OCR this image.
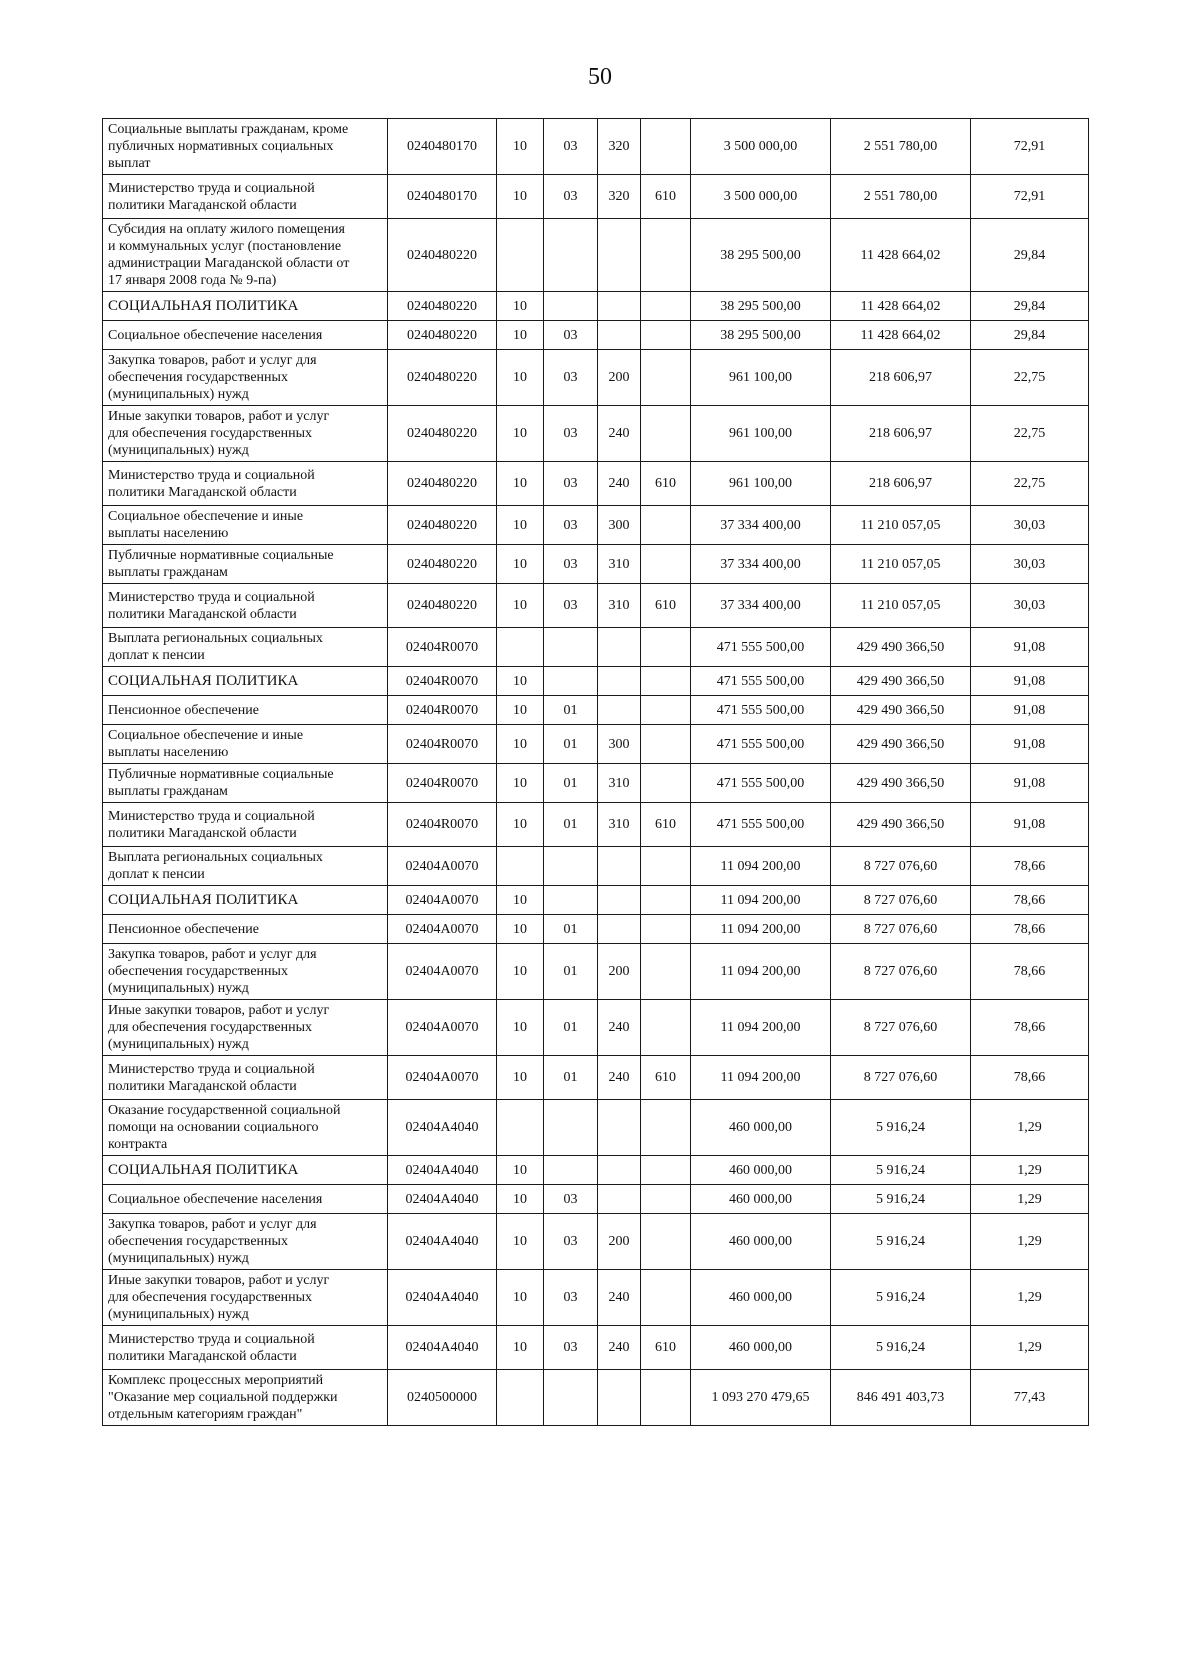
50
Социальные выплаты гражданам, кроме
публичных нормативных социальных
выплат	0240480170	10	03	320		3 500 000,00	2 551 780,00	72,91
Министерство труда и социальной
политики Магаданской области	0240480170	10	03	320	610	3 500 000,00	2 551 780,00	72,91
Субсидия на оплату жилого помещения
и коммунальных услуг (постановление
администрации Магаданской области от
17 января 2008 года № 9-па)	0240480220					38 295 500,00	11 428 664,02	29,84
СОЦИАЛЬНАЯ ПОЛИТИКА	0240480220	10				38 295 500,00	11 428 664,02	29,84
Социальное обеспечение населения	0240480220	10	03			38 295 500,00	11 428 664,02	29,84
Закупка товаров, работ и услуг для
обеспечения государственных
(муниципальных) нужд	0240480220	10	03	200		961 100,00	218 606,97	22,75
Иные закупки товаров, работ и услуг
для обеспечения государственных
(муниципальных) нужд	0240480220	10	03	240		961 100,00	218 606,97	22,75
Министерство труда и социальной
политики Магаданской области	0240480220	10	03	240	610	961 100,00	218 606,97	22,75
Социальное обеспечение и иные
выплаты населению	0240480220	10	03	300		37 334 400,00	11 210 057,05	30,03
Публичные нормативные социальные
выплаты гражданам	0240480220	10	03	310		37 334 400,00	11 210 057,05	30,03
Министерство труда и социальной
политики Магаданской области	0240480220	10	03	310	610	37 334 400,00	11 210 057,05	30,03
Выплата региональных социальных
доплат к пенсии	02404R0070					471 555 500,00	429 490 366,50	91,08
СОЦИАЛЬНАЯ ПОЛИТИКА	02404R0070	10				471 555 500,00	429 490 366,50	91,08
Пенсионное обеспечение	02404R0070	10	01			471 555 500,00	429 490 366,50	91,08
Социальное обеспечение и иные
выплаты населению	02404R0070	10	01	300		471 555 500,00	429 490 366,50	91,08
Публичные нормативные социальные
выплаты гражданам	02404R0070	10	01	310		471 555 500,00	429 490 366,50	91,08
Министерство труда и социальной
политики Магаданской области	02404R0070	10	01	310	610	471 555 500,00	429 490 366,50	91,08
Выплата региональных социальных
доплат к пенсии	02404A0070					11 094 200,00	8 727 076,60	78,66
СОЦИАЛЬНАЯ ПОЛИТИКА	02404A0070	10				11 094 200,00	8 727 076,60	78,66
Пенсионное обеспечение	02404A0070	10	01			11 094 200,00	8 727 076,60	78,66
Закупка товаров, работ и услуг для
обеспечения государственных
(муниципальных) нужд	02404A0070	10	01	200		11 094 200,00	8 727 076,60	78,66
Иные закупки товаров, работ и услуг
для обеспечения государственных
(муниципальных) нужд	02404A0070	10	01	240		11 094 200,00	8 727 076,60	78,66
Министерство труда и социальной
политики Магаданской области	02404A0070	10	01	240	610	11 094 200,00	8 727 076,60	78,66
Оказание государственной социальной
помощи на основании социального
контракта	02404A4040					460 000,00	5 916,24	1,29
СОЦИАЛЬНАЯ ПОЛИТИКА	02404A4040	10				460 000,00	5 916,24	1,29
Социальное обеспечение населения	02404A4040	10	03			460 000,00	5 916,24	1,29
Закупка товаров, работ и услуг для
обеспечения государственных
(муниципальных) нужд	02404A4040	10	03	200		460 000,00	5 916,24	1,29
Иные закупки товаров, работ и услуг
для обеспечения государственных
(муниципальных) нужд	02404A4040	10	03	240		460 000,00	5 916,24	1,29
Министерство труда и социальной
политики Магаданской области	02404A4040	10	03	240	610	460 000,00	5 916,24	1,29
Комплекс процессных мероприятий
"Оказание мер социальной поддержки
отдельным категориям граждан"	0240500000					1 093 270 479,65	846 491 403,73	77,43
